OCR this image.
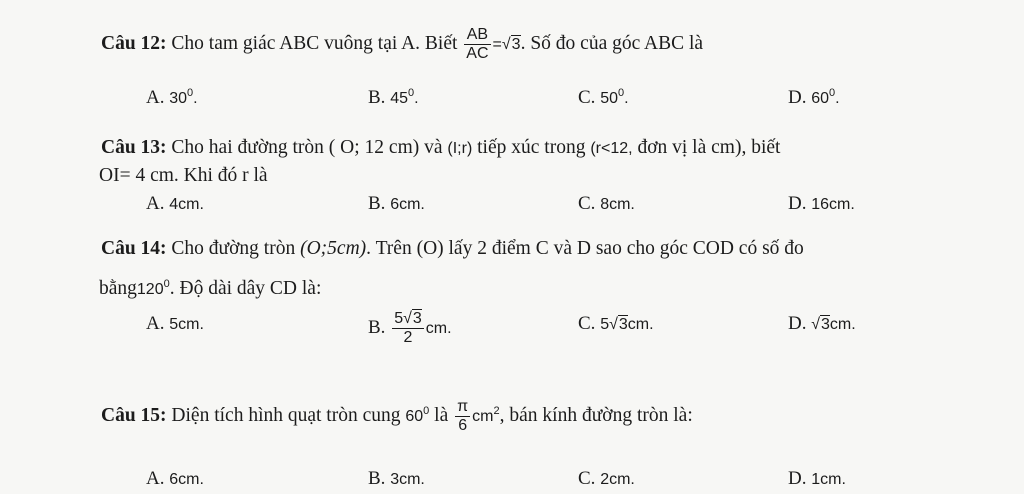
Câu 12: Cho tam giác ABC vuông tại A. Biết $\frac{AB}{AC} =√3$. Số đo của góc ABC là
A. $30^0$.	B. $45^0$.	C. $50^0$.	D. $60^0$.
Câu 13: Cho hai đường tròn ( O; 12 cm) và (I;r) tiếp xúc trong (r<12, đơn vị là cm), biết
OI= 4 cm. Khi đó r là
A. 4cm.	B. 6cm.	C. 8cm.	D. 16cm.
Câu 14: Cho đường tròn (O;5cm). Trên (O) lấy 2 điểm C và D sao cho góc COD có số đo
$bằng120^0$. Độ dài dây CD là:
A. 5cm.	B. $\frac{5√3}{2}$ cm.	C. 5√3cm.	D. √3cm.
Câu 15: Diện tích hình quạt tròn cung $60^0$ là $\frac{\pi}{6} cm^2$, bán kính đường tròn là:
A. 6cm.	B. 3cm.	C. 2cm.	D. 1cm.
